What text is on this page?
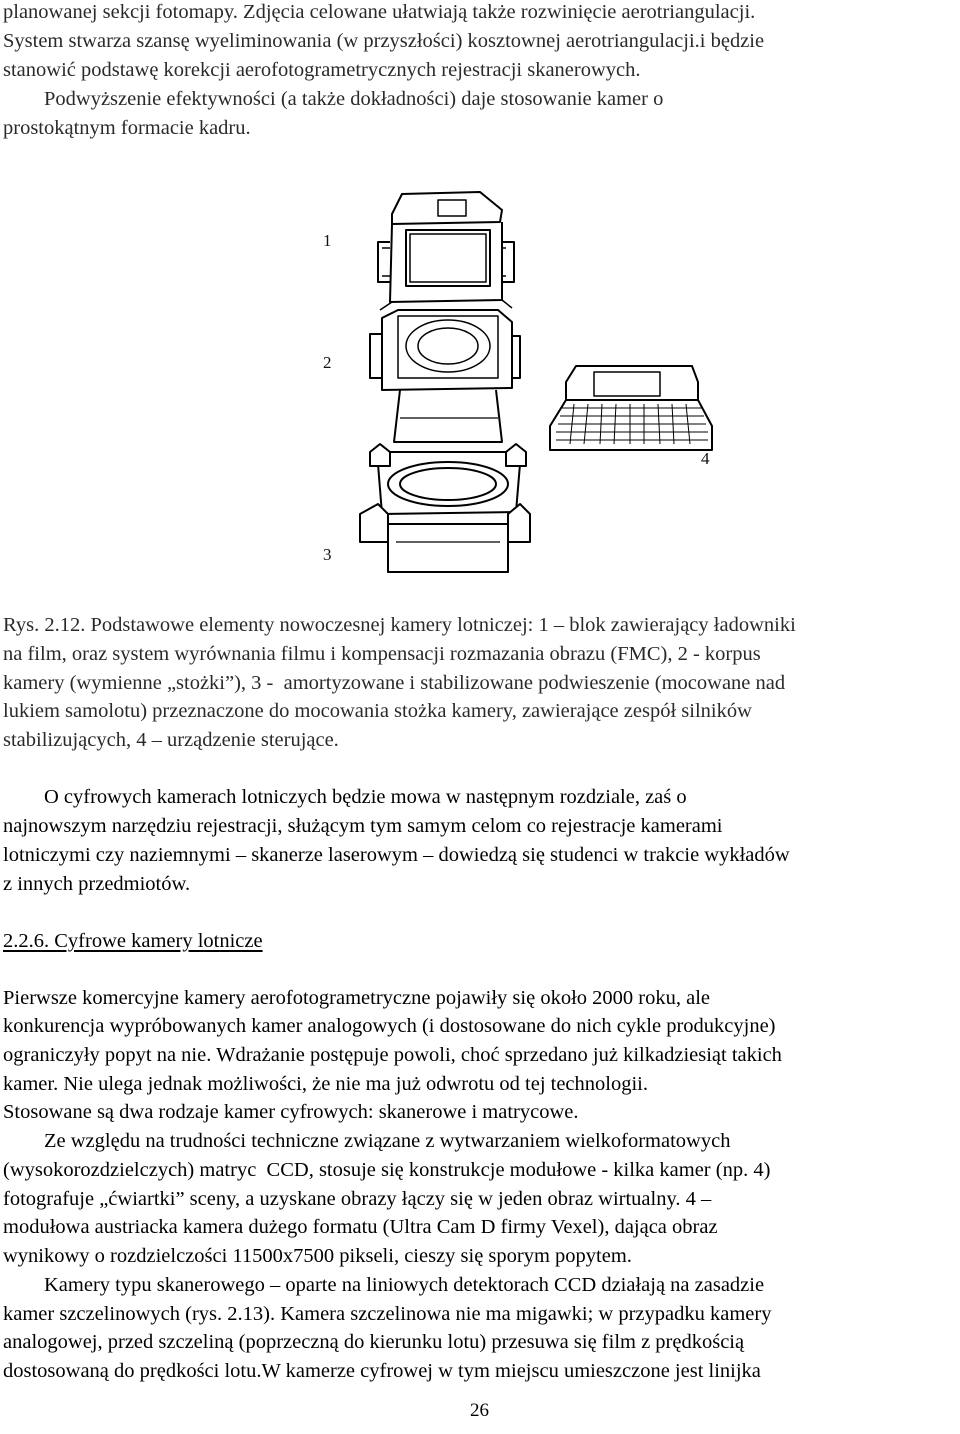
planowanej sekcji fotomapy. Zdjęcia celowane ułatwiają także rozwinięcie aerotriangulacji.
System stwarza szansę wyeliminowania (w przyszłości) kosztownej aerotriangulacji.i będzie
stanowić podstawę korekcji aerofotogrametrycznych rejestracji skanerowych.
Podwyższenie efektywności (a także dokładności) daje stosowanie kamer o
prostokątnym formacie kadru.
1
2
3
4
Rys. 2.12. Podstawowe elementy nowoczesnej kamery lotniczej: 1 – blok zawierający ładowniki
na film, oraz system wyrównania filmu i kompensacji rozmazania obrazu (FMC), 2 - korpus
kamery (wymienne „stożki”), 3 -  amortyzowane i stabilizowane podwieszenie (mocowane nad
lukiem samolotu) przeznaczone do mocowania stożka kamery, zawierające zespół silników
stabilizujących, 4 – urządzenie sterujące.
O cyfrowych kamerach lotniczych będzie mowa w następnym rozdziale, zaś o
najnowszym narzędziu rejestracji, służącym tym samym celom co rejestracje kamerami
lotniczymi czy naziemnymi – skanerze laserowym – dowiedzą się studenci w trakcie wykładów
z innych przedmiotów.
2.2.6. Cyfrowe kamery lotnicze
Pierwsze komercyjne kamery aerofotogrametryczne pojawiły się około 2000 roku, ale
konkurencja wypróbowanych kamer analogowych (i dostosowane do nich cykle produkcyjne)
ograniczyły popyt na nie. Wdrażanie postępuje powoli, choć sprzedano już kilkadziesiąt takich
kamer. Nie ulega jednak możliwości, że nie ma już odwrotu od tej technologii.
Stosowane są dwa rodzaje kamer cyfrowych: skanerowe i matrycowe.
Ze względu na trudności techniczne związane z wytwarzaniem wielkoformatowych
(wysokorozdzielczych) matryc  CCD, stosuje się konstrukcje modułowe - kilka kamer (np. 4)
fotografuje „ćwiartki” sceny, a uzyskane obrazy łączy się w jeden obraz wirtualny. 4 –
modułowa austriacka kamera dużego formatu (Ultra Cam D firmy Vexel), dająca obraz
wynikowy o rozdzielczości 11500x7500 pikseli, cieszy się sporym popytem.
Kamery typu skanerowego – oparte na liniowych detektorach CCD działają na zasadzie
kamer szczelinowych (rys. 2.13). Kamera szczelinowa nie ma migawki; w przypadku kamery
analogowej, przed szczeliną (poprzeczną do kierunku lotu) przesuwa się film z prędkością
dostosowaną do prędkości lotu.W kamerze cyfrowej w tym miejscu umieszczone jest linijka
26
